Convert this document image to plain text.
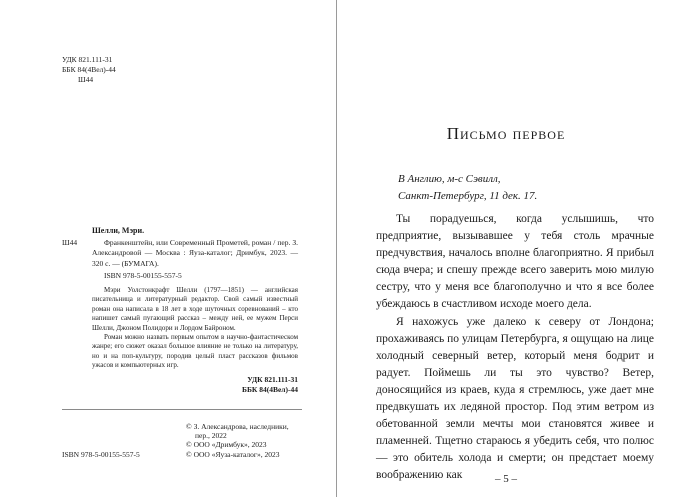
УДК 821.111-31
ББК 84(4Вел)-44
Ш44
Ш44
Шелли, Мэри.

Франкенштейн, или Современный Прометей, роман / пер. З. Александровой — Москва : Яуза-каталог; Дримбук, 2023. — 320 с. — (БУМАГА).

ISBN 978-5-00155-557-5

Мэри Уолстонкрафт Шелли (1797—1851) — английская писательница и литературный редактор. Свой самый известный роман она написала в 18 лет в ходе шуточных соревнований – кто напишет самый пугающий рассказ – между ней, ее мужем Перси Шелли, Джоном Полидори и Лордом Байроном.

Роман можно назвать первым опытом в научно-фантастическом жанре; его сюжет оказал большое влияние не только на литературу, но и на поп-культуру, породив целый пласт рассказов фильмов ужасов и компьютерных игр.

УДК 821.111-31
ББК 84(4Вел)-44
© З. Александрова, наследники,
пер., 2022
© ООО «Дримбук», 2023
© ООО «Яуза-каталог», 2023
ISBN 978-5-00155-557-5
Письмо первое
В Англию, м-с Сэвилл,
Санкт-Петербург, 11 дек. 17.

Ты порадуешься, когда услышишь, что предприятие, вызывавшее у тебя столь мрачные предчувствия, началось вполне благоприятно. Я прибыл сюда вчера; и спешу прежде всего заверить мою милую сестру, что у меня все благополучно и что я все более убеждаюсь в счастливом исходе моего дела.

Я нахожусь уже далеко к северу от Лондона; прохаживаясь по улицам Петербурга, я ощущаю на лице холодный северный ветер, который меня бодрит и радует. Поймешь ли ты это чувство? Ветер, доносящийся из краев, куда я стремлюсь, уже дает мне предвкушать их ледяной простор. Под этим ветром из обетованной земли мечты мои становятся живее и пламенней. Тщетно стараюсь я убедить себя, что полюс — это обитель холода и смерти; он предстает моему воображению как	– 5 –
